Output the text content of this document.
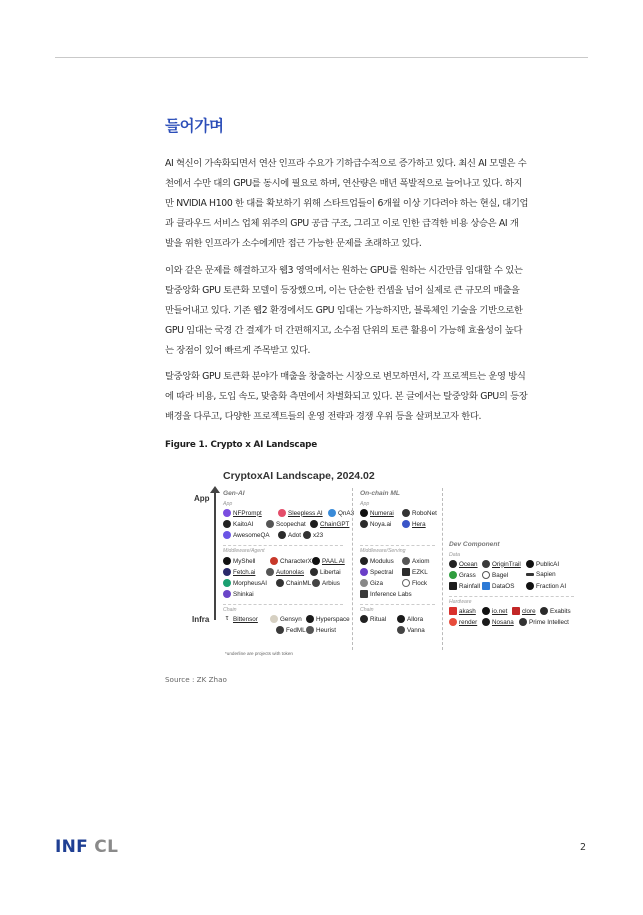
들어가며
AI 혁신이 가속화되면서 연산 인프라 수요가 기하급수적으로 증가하고 있다. 최신 AI 모델은 수
천에서 수만 대의 GPU를 동시에 필요로 하며, 연산량은 매년 폭발적으로 늘어나고 있다. 하지
만 NVIDIA H100 한 대를 확보하기 위해 스타트업들이 6개월 이상 기다려야 하는 현실, 대기업
과 클라우드 서비스 업체 위주의 GPU 공급 구조, 그리고 이로 인한 급격한 비용 상승은 AI 개
발을 위한 인프라가 소수에게만 접근 가능한 문제를 초래하고 있다.
이와 같은 문제를 해결하고자 웹3 영역에서는 원하는 GPU를 원하는 시간만큼 임대할 수 있는
탈중앙화 GPU 토큰화 모델이 등장했으며, 이는 단순한 컨셉을 넘어 실제로 큰 규모의 매출을
만들어내고 있다. 기존 웹2 환경에서도 GPU 임대는 가능하지만, 블록체인 기술을 기반으로한
GPU 임대는 국경 간 결제가 더 간편해지고, 소수점 단위의 토큰 활용이 가능해 효율성이 높다
는 장점이 있어 빠르게 주목받고 있다.
탈중앙화 GPU 토큰화 분야가 매출을 창출하는 시장으로 변모하면서, 각 프로젝트는 운영 방식
에 따라 비용, 도입 속도, 맞춤화 측면에서 차별화되고 있다. 본 글에서는 탈중앙화 GPU의 등장
배경을 다루고, 다양한 프로젝트들의 운영 전략과 경쟁 우위 등을 살펴보고자 한다.
Figure 1. Crypto x AI Landscape
CryptoxAI Landscape, 2024.02
App
Infra
Gen-AI
App
NFPrompt	Sleepless AI QnA3
KaitoAI	Scopechat ChainGPT
AwesomeQA	Adot x23
Middleware/Agent
MyShell	CharacterX PAAL AI
Fetch.ai	Autonolas	Libertai
MorpheusAI	ChainML Arbius
Shinkai
Chain
τ Bittensor	Gensyn Hyperspace
FedML Heurist
On-chain ML
App
Numerai	RoboNet
Noya.ai	Hera
Middleware/Serving
Modulus	Axiom
Spectral	EZKL
Giza	Flock
Inference Labs
Chain
Ritual	Allora
Vanna
Dev Component
Data
Ocean OriginTrail PublicAI
Grass	Bagel	Sapien
Rainfall DataOS	Fraction AI
Hardware
akash	io.net clore Exabits
render Nosana Prime Intellect
*underline are projects with token
Source : ZK Zhao
INF CL	2
